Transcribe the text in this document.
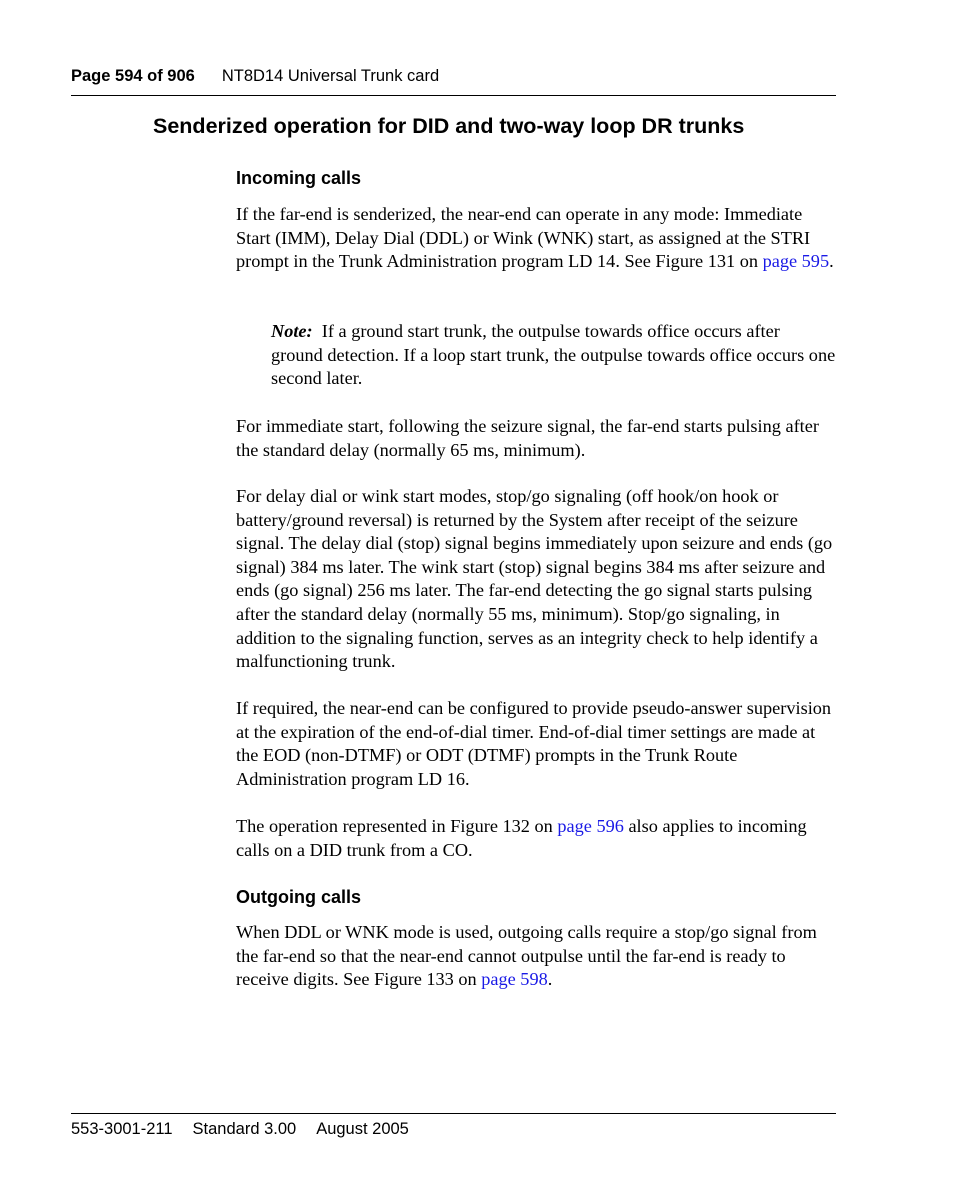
Page 594 of 906 NT8D14 Universal Trunk card
Senderized operation for DID and two-way loop DR trunks
Incoming calls

If the far-end is senderized, the near-end can operate in any mode: Immediate Start (IMM), Delay Dial (DDL) or Wink (WNK) start, as assigned at the STRI prompt in the Trunk Administration program LD 14. See Figure 131 on page 595.

Note: If a ground start trunk, the outpulse towards office occurs after ground detection. If a loop start trunk, the outpulse towards office occurs one second later.

For immediate start, following the seizure signal, the far-end starts pulsing after the standard delay (normally 65 ms, minimum).

For delay dial or wink start modes, stop/go signaling (off hook/on hook or battery/ground reversal) is returned by the System after receipt of the seizure signal. The delay dial (stop) signal begins immediately upon seizure and ends (go signal) 384 ms later. The wink start (stop) signal begins 384 ms after seizure and ends (go signal) 256 ms later. The far-end detecting the go signal starts pulsing after the standard delay (normally 55 ms, minimum). Stop/go signaling, in addition to the signaling function, serves as an integrity check to help identify a malfunctioning trunk.

If required, the near-end can be configured to provide pseudo-answer supervision at the expiration of the end-of-dial timer. End-of-dial timer settings are made at the EOD (non-DTMF) or ODT (DTMF) prompts in the Trunk Route Administration program LD 16.

The operation represented in Figure 132 on page 596 also applies to incoming calls on a DID trunk from a CO.

Outgoing calls

When DDL or WNK mode is used, outgoing calls require a stop/go signal from the far-end so that the near-end cannot outpulse until the far-end is ready to receive digits. See Figure 133 on page 598.

553-3001-211 Standard 3.00 August 2005
